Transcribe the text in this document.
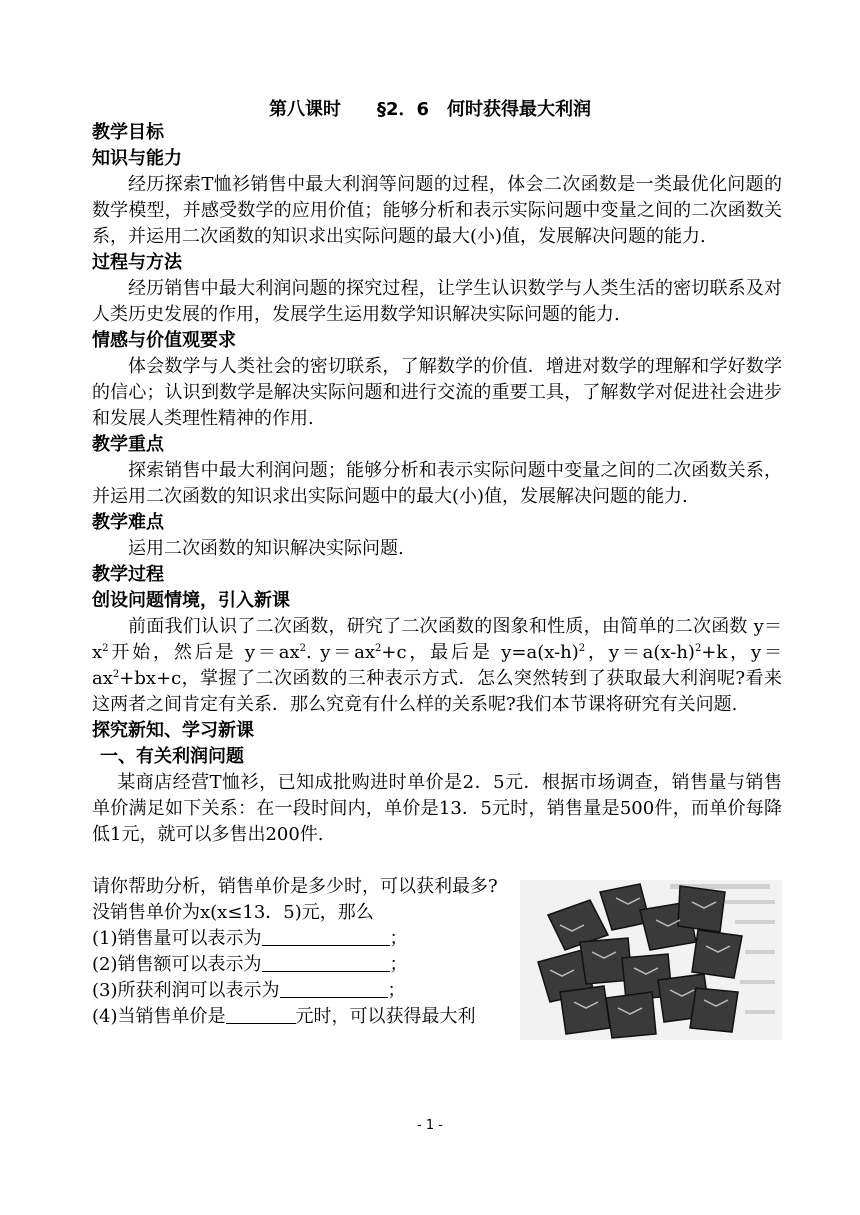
第八课时 §2．6　何时获得最大利润
教学目标
知识与能力

经历探索T恤衫销售中最大利润等问题的过程，体会二次函数是一类最优化问题的数学模型，并感受数学的应用价值；能够分析和表示实际问题中变量之间的二次函数关系，并运用二次函数的知识求出实际问题的最大(小)值，发展解决问题的能力.

过程与方法

经历销售中最大利润问题的探究过程，让学生认识数学与人类生活的密切联系及对人类历史发展的作用，发展学生运用数学知识解决实际问题的能力.

情感与价值观要求

体会数学与人类社会的密切联系，了解数学的价值．增进对数学的理解和学好数学的信心；认识到数学是解决实际问题和进行交流的重要工具，了解数学对促进社会进步和发展人类理性精神的作用.

教学重点

探索销售中最大利润问题；能够分析和表示实际问题中变量之间的二次函数关系，并运用二次函数的知识求出实际问题中的最大(小)值，发展解决问题的能力.

教学难点

运用二次函数的知识解决实际问题.

教学过程
创设问题情境，引入新课

前面我们认识了二次函数，研究了二次函数的图象和性质，由简单的二次函数 $y=x^2$开始，然后是 $y=ax^2$. $y=ax^2+c$，最后是 $y=a(x-h)^2$，$y=a(x-h)^2+k$，$y=ax^2+bx+c$，掌握了二次函数的三种表示方式．怎么突然转到了获取最大利润呢?看来这两者之间肯定有关系．那么究竟有什么样的关系呢?我们本节课将研究有关问题.

探究新知、学习新课
一、有关利润问题

某商店经营T恤衫，已知成批购进时单价是2．5元．根据市场调查，销售量与销售单价满足如下关系：在一段时间内，单价是13．5元时，销售量是500件，而单价每降低1元，就可以多售出200件.

请你帮助分析，销售单价是多少时，可以获利最多?
没销售单价为x(x≤13．5)元，那么
(1)销售量可以表示为	；
(2)销售额可以表示为	；
(3)所获利润可以表示为	；
(4)当销售单价是	元时，可以获得最大利
- 1 -
